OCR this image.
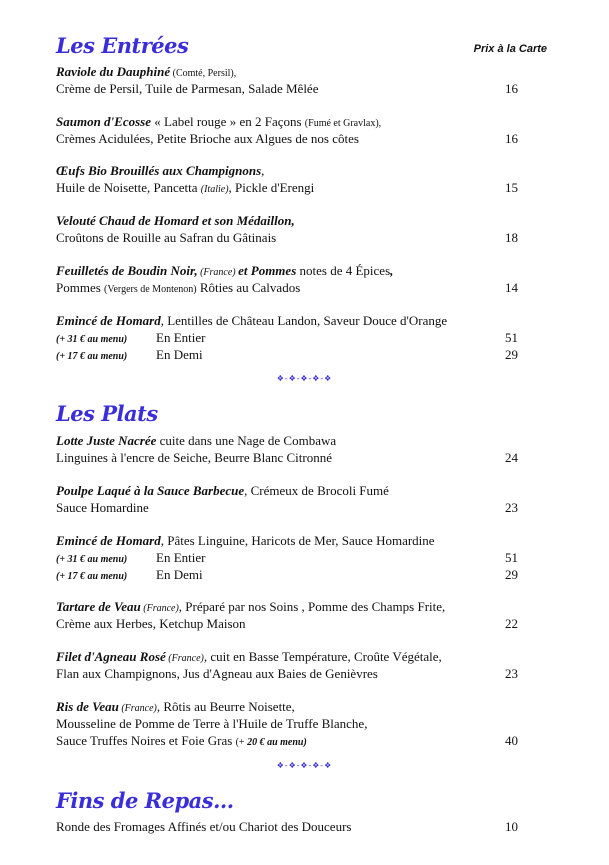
Les Entrées	Prix à la Carte
Raviole du Dauphiné (Comté, Persil),
Crème de Persil, Tuile de Parmesan, Salade Mêlée	16
Saumon d'Ecosse « Label rouge » en 2 Façons (Fumé et Gravlax),
Crèmes Acidulées, Petite Brioche aux Algues de nos côtes	16
Œufs Bio Brouillés aux Champignons,
Huile de Noisette, Pancetta (Italie), Pickle d'Erengi	15
Velouté Chaud de Homard et son Médaillon,
Croûtons de Rouille au Safran du Gâtinais	18
Feuilletés de Boudin Noir, (France) et Pommes notes de 4 Épices,
Pommes (Vergers de Montenon) Rôties au Calvados	14
Emincé de Homard, Lentilles de Château Landon, Saveur Douce d'Orange
(+ 31 € au menu) En Entier	51
(+ 17 € au menu) En Demi	29
❖-❖-❖-❖-❖
Les Plats
Lotte Juste Nacrée cuite dans une Nage de Combawa
Linguines à l'encre de Seiche, Beurre Blanc Citronné	24
Poulpe Laqué à la Sauce Barbecue, Crémeux de Brocoli Fumé
Sauce Homardine	23
Emincé de Homard, Pâtes Linguine, Haricots de Mer, Sauce Homardine
(+ 31 € au menu) En Entier	51
(+ 17 € au menu) En Demi	29
Tartare de Veau (France), Préparé par nos Soins , Pomme des Champs Frite,
Crème aux Herbes, Ketchup Maison	22
Filet d'Agneau Rosé (France), cuit en Basse Température, Croûte Végétale,
Flan aux Champignons, Jus d'Agneau aux Baies de Genièvres	23
Ris de Veau (France), Rôtis au Beurre Noisette,
Mousseline de Pomme de Terre à l'Huile de Truffe Blanche,
Sauce Truffes Noires et Foie Gras (+ 20 € au menu)	40
❖-❖-❖-❖-❖
Fins de Repas...
Ronde des Fromages Affinés et/ou Chariot des Douceurs	10
